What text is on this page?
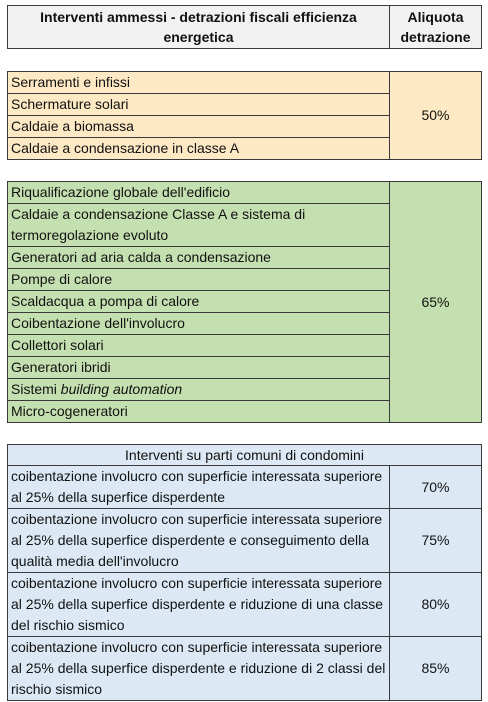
Interventi ammessi - detrazioni fiscali efficienza energetica	Aliquota detrazione
Serramenti e infissi	50%
Schermature solari
Caldaie a biomassa
Caldaie a condensazione in classe A
Riqualificazione globale dell'edificio	65%
Caldaie a condensazione Classe A e sistema di termoregolazione evoluto
Generatori ad aria calda a condensazione
Pompe di calore
Scaldacqua a pompa di calore
Coibentazione dell'involucro
Collettori solari
Generatori ibridi
Sistemi building automation
Micro-cogeneratori
Interventi su parti comuni di condomini	
coibentazione involucro con superficie interessata superiore al 25% della superfice disperdente	70%
coibentazione involucro con superficie interessata superiore al 25% della superfice disperdente e conseguimento della qualità media dell'involucro	75%
coibentazione involucro con superficie interessata superiore al 25% della superfice disperdente e riduzione di una classe del rischio sismico	80%
coibentazione involucro con superficie interessata superiore al 25% della superfice disperdente e riduzione di 2 classi del rischio sismico	85%
